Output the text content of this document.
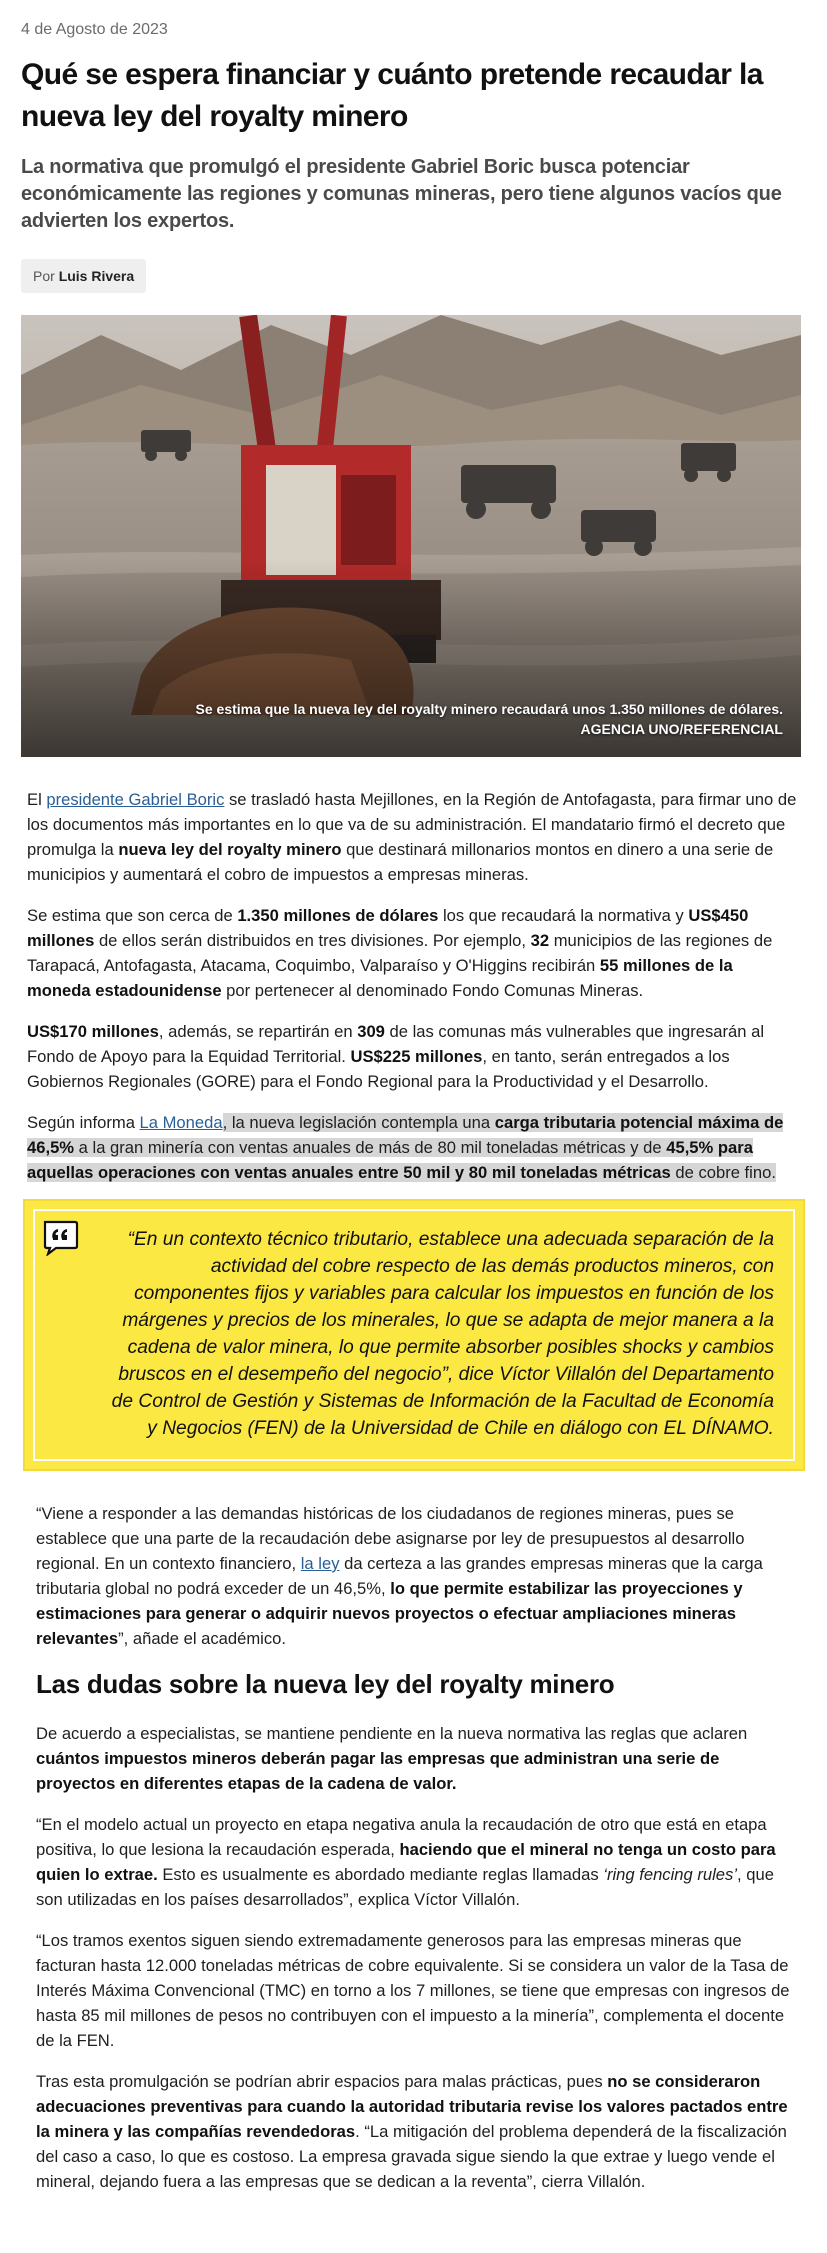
4 de Agosto de 2023
Qué se espera financiar y cuánto pretende recaudar la nueva ley del royalty minero

La normativa que promulgó el presidente Gabriel Boric busca potenciar económicamente las regiones y comunas mineras, pero tiene algunos vacíos que advierten los expertos.

Por Luis Rivera
Se estima que la nueva ley del royalty minero recaudará unos 1.350 millones de dólares. AGENCIA UNO/REFERENCIAL

El presidente Gabriel Boric se trasladó hasta Mejillones, en la Región de Antofagasta, para firmar uno de los documentos más importantes en lo que va de su administración. El mandatario firmó el decreto que promulga la nueva ley del royalty minero que destinará millonarios montos en dinero a una serie de municipios y aumentará el cobro de impuestos a empresas mineras.

Se estima que son cerca de 1.350 millones de dólares los que recaudará la normativa y US$450 millones de ellos serán distribuidos en tres divisiones. Por ejemplo, 32 municipios de las regiones de Tarapacá, Antofagasta, Atacama, Coquimbo, Valparaíso y O'Higgins recibirán 55 millones de la moneda estadounidense por pertenecer al denominado Fondo Comunas Mineras.

US$170 millones, además, se repartirán en 309 de las comunas más vulnerables que ingresarán al Fondo de Apoyo para la Equidad Territorial. US$225 millones, en tanto, serán entregados a los Gobiernos Regionales (GORE) para el Fondo Regional para la Productividad y el Desarrollo.

Según informa La Moneda, la nueva legislación contempla una carga tributaria potencial máxima de 46,5% a la gran minería con ventas anuales de más de 80 mil toneladas métricas y de 45,5% para aquellas operaciones con ventas anuales entre 50 mil y 80 mil toneladas métricas de cobre fino.

“En un contexto técnico tributario, establece una adecuada separación de la actividad del cobre respecto de las demás productos mineros, con componentes fijos y variables para calcular los impuestos en función de los márgenes y precios de los minerales, lo que se adapta de mejor manera a la cadena de valor minera, lo que permite absorber posibles shocks y cambios bruscos en el desempeño del negocio”, dice Víctor Villalón del Departamento de Control de Gestión y Sistemas de Información de la Facultad de Economía y Negocios (FEN) de la Universidad de Chile en diálogo con EL DÍNAMO.

“Viene a responder a las demandas históricas de los ciudadanos de regiones mineras, pues se establece que una parte de la recaudación debe asignarse por ley de presupuestos al desarrollo regional. En un contexto financiero, la ley da certeza a las grandes empresas mineras que la carga tributaria global no podrá exceder de un 46,5%, lo que permite estabilizar las proyecciones y estimaciones para generar o adquirir nuevos proyectos o efectuar ampliaciones mineras relevantes”, añade el académico.

Las dudas sobre la nueva ley del royalty minero

De acuerdo a especialistas, se mantiene pendiente en la nueva normativa las reglas que aclaren cuántos impuestos mineros deberán pagar las empresas que administran una serie de proyectos en diferentes etapas de la cadena de valor.

“En el modelo actual un proyecto en etapa negativa anula la recaudación de otro que está en etapa positiva, lo que lesiona la recaudación esperada, haciendo que el mineral no tenga un costo para quien lo extrae. Esto es usualmente es abordado mediante reglas llamadas ‘ring fencing rules’, que son utilizadas en los países desarrollados”, explica Víctor Villalón.

“Los tramos exentos siguen siendo extremadamente generosos para las empresas mineras que facturan hasta 12.000 toneladas métricas de cobre equivalente. Si se considera un valor de la Tasa de Interés Máxima Convencional (TMC) en torno a los 7 millones, se tiene que empresas con ingresos de hasta 85 mil millones de pesos no contribuyen con el impuesto a la minería”, complementa el docente de la FEN.

Tras esta promulgación se podrían abrir espacios para malas prácticas, pues no se consideraron adecuaciones preventivas para cuando la autoridad tributaria revise los valores pactados entre la minera y las compañías revendedoras. “La mitigación del problema dependerá de la fiscalización del caso a caso, lo que es costoso. La empresa gravada sigue siendo la que extrae y luego vende el mineral, dejando fuera a las empresas que se dedican a la reventa”, cierra Villalón.
